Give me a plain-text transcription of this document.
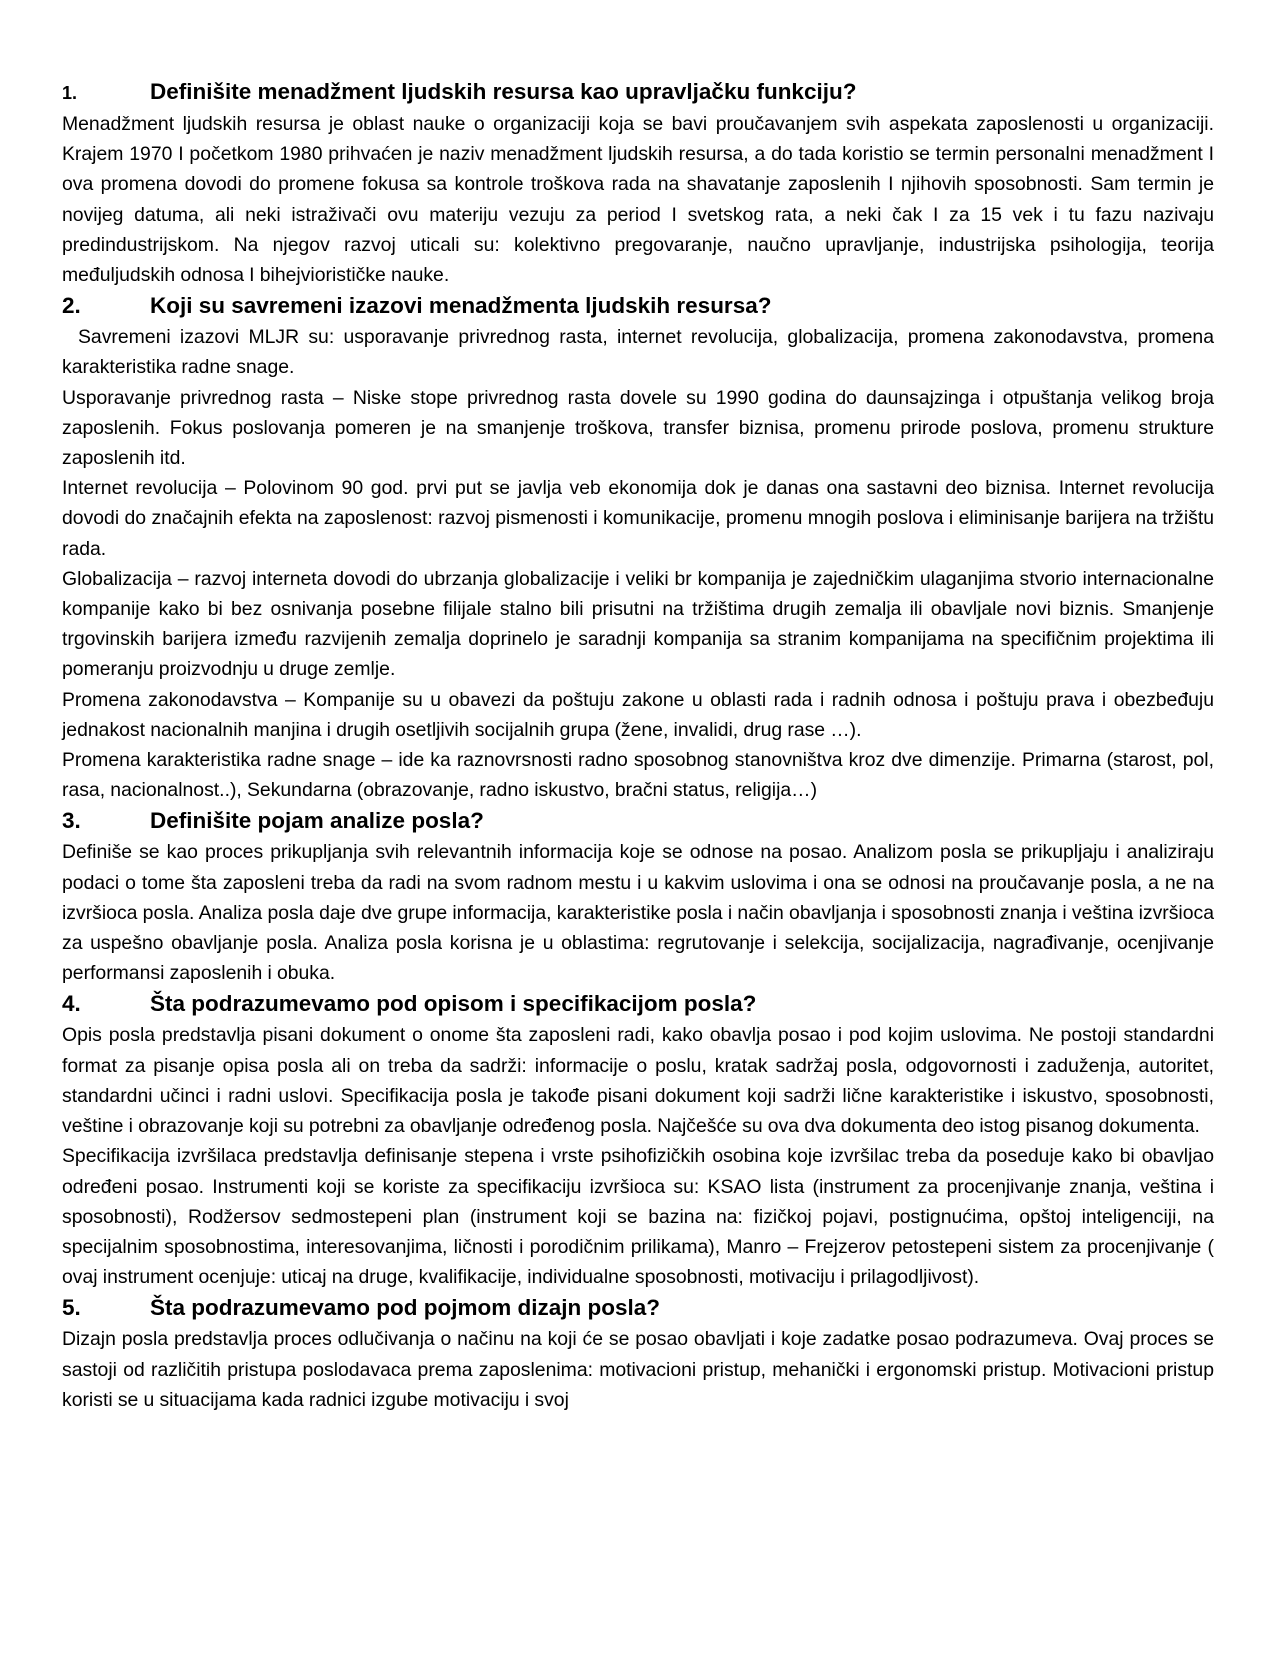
1.	Definišite menadžment ljudskih resursa kao upravljačku funkciju?

Menadžment ljudskih resursa je oblast nauke o organizaciji koja se bavi proučavanjem svih aspekata zaposlenosti u organizaciji. Krajem 1970 I početkom 1980 prihvaćen je naziv menadžment ljudskih resursa, a do tada koristio se termin personalni menadžment I ova promena dovodi do promene fokusa sa kontrole troškova rada na shavatanje zaposlenih I njihovih sposobnosti. Sam termin je novijeg datuma, ali neki istraživači ovu materiju vezuju za period I svetskog rata, a neki čak I za 15 vek i tu fazu nazivaju predindustrijskom. Na njegov razvoj uticali su: kolektivno pregovaranje, naučno upravljanje, industrijska psihologija, teorija međuljudskih odnosa I bihejviorističke nauke.

2.	Koji su savremeni izazovi menadžmenta ljudskih resursa?

Savremeni izazovi MLJR su: usporavanje privrednog rasta, internet revolucija, globalizacija, promena zakonodavstva, promena karakteristika radne snage.

Usporavanje privrednog rasta – Niske stope privrednog rasta dovele su 1990 godina do daunsajzinga i otpuštanja velikog broja zaposlenih. Fokus poslovanja pomeren je na smanjenje troškova, transfer biznisa, promenu prirode poslova, promenu strukture zaposlenih itd.

Internet revolucija – Polovinom 90 god. prvi put se javlja veb ekonomija dok je danas ona sastavni deo biznisa. Internet revolucija dovodi do značajnih efekta na zaposlenost: razvoj pismenosti i komunikacije, promenu mnogih poslova i eliminisanje barijera na tržištu rada.

Globalizacija – razvoj interneta dovodi do ubrzanja globalizacije i veliki br kompanija je zajedničkim ulaganjima stvorio internacionalne kompanije kako bi bez osnivanja posebne filijale stalno bili prisutni na tržištima drugih zemalja ili obavljale novi biznis. Smanjenje trgovinskih barijera između razvijenih zemalja doprinelo je saradnji kompanija sa stranim kompanijama na specifičnim projektima ili pomeranju proizvodnju u druge zemlje.

Promena zakonodavstva – Kompanije su u obavezi da poštuju zakone u oblasti rada i radnih odnosa i poštuju prava i obezbeđuju jednakost nacionalnih manjina i drugih osetljivih socijalnih grupa (žene, invalidi, drug rase …).

Promena karakteristika radne snage – ide ka raznovrsnosti radno sposobnog stanovništva kroz dve dimenzije. Primarna (starost, pol, rasa, nacionalnost..), Sekundarna (obrazovanje, radno iskustvo, bračni status, religija…)

3.	Definišite pojam analize posla?

Definiše se kao proces prikupljanja svih relevantnih informacija koje se odnose na posao. Analizom posla se prikupljaju i analiziraju podaci o tome šta zaposleni treba da radi na svom radnom mestu i u kakvim uslovima i ona se odnosi na proučavanje posla, a ne na izvršioca posla. Analiza posla daje dve grupe informacija, karakteristike posla i način obavljanja i sposobnosti znanja i veština izvršioca za uspešno obavljanje posla. Analiza posla korisna je u oblastima: regrutovanje i selekcija, socijalizacija, nagrađivanje, ocenjivanje performansi zaposlenih i obuka.

4.	Šta podrazumevamo pod opisom i specifikacijom posla?

Opis posla predstavlja pisani dokument o onome šta zaposleni radi, kako obavlja posao i pod kojim uslovima. Ne postoji standardni format za pisanje opisa posla ali on treba da sadrži: informacije o poslu, kratak sadržaj posla, odgovornosti i zaduženja, autoritet, standardni učinci i radni uslovi. Specifikacija posla je takođe pisani dokument koji sadrži lične karakteristike i iskustvo, sposobnosti, veštine i obrazovanje koji su potrebni za obavljanje određenog posla. Najčešće su ova dva dokumenta deo istog pisanog dokumenta.

Specifikacija izvršilaca predstavlja definisanje stepena i vrste psihofizičkih osobina koje izvršilac treba da poseduje kako bi obavljao određeni posao. Instrumenti koji se koriste za specifikaciju izvršioca su: KSAO lista (instrument za procenjivanje znanja, veština i sposobnosti), Rodžersov sedmostepeni plan (instrument koji se bazina na: fizičkoj pojavi, postignućima, opštoj inteligenciji, na specijalnim sposobnostima, interesovanjima, ličnosti i porodičnim prilikama), Manro – Frejzerov petostepeni sistem za procenjivanje ( ovaj instrument ocenjuje: uticaj na druge, kvalifikacije, individualne sposobnosti, motivaciju i prilagodljivost).

5.	Šta podrazumevamo pod pojmom dizajn posla?

Dizajn posla predstavlja proces odlučivanja o načinu na koji će se posao obavljati i koje zadatke posao podrazumeva. Ovaj proces se sastoji od različitih pristupa poslodavaca prema zaposlenima: motivacioni pristup, mehanički i ergonomski pristup. Motivacioni pristup koristi se u situacijama kada radnici izgube motivaciju i svoj
